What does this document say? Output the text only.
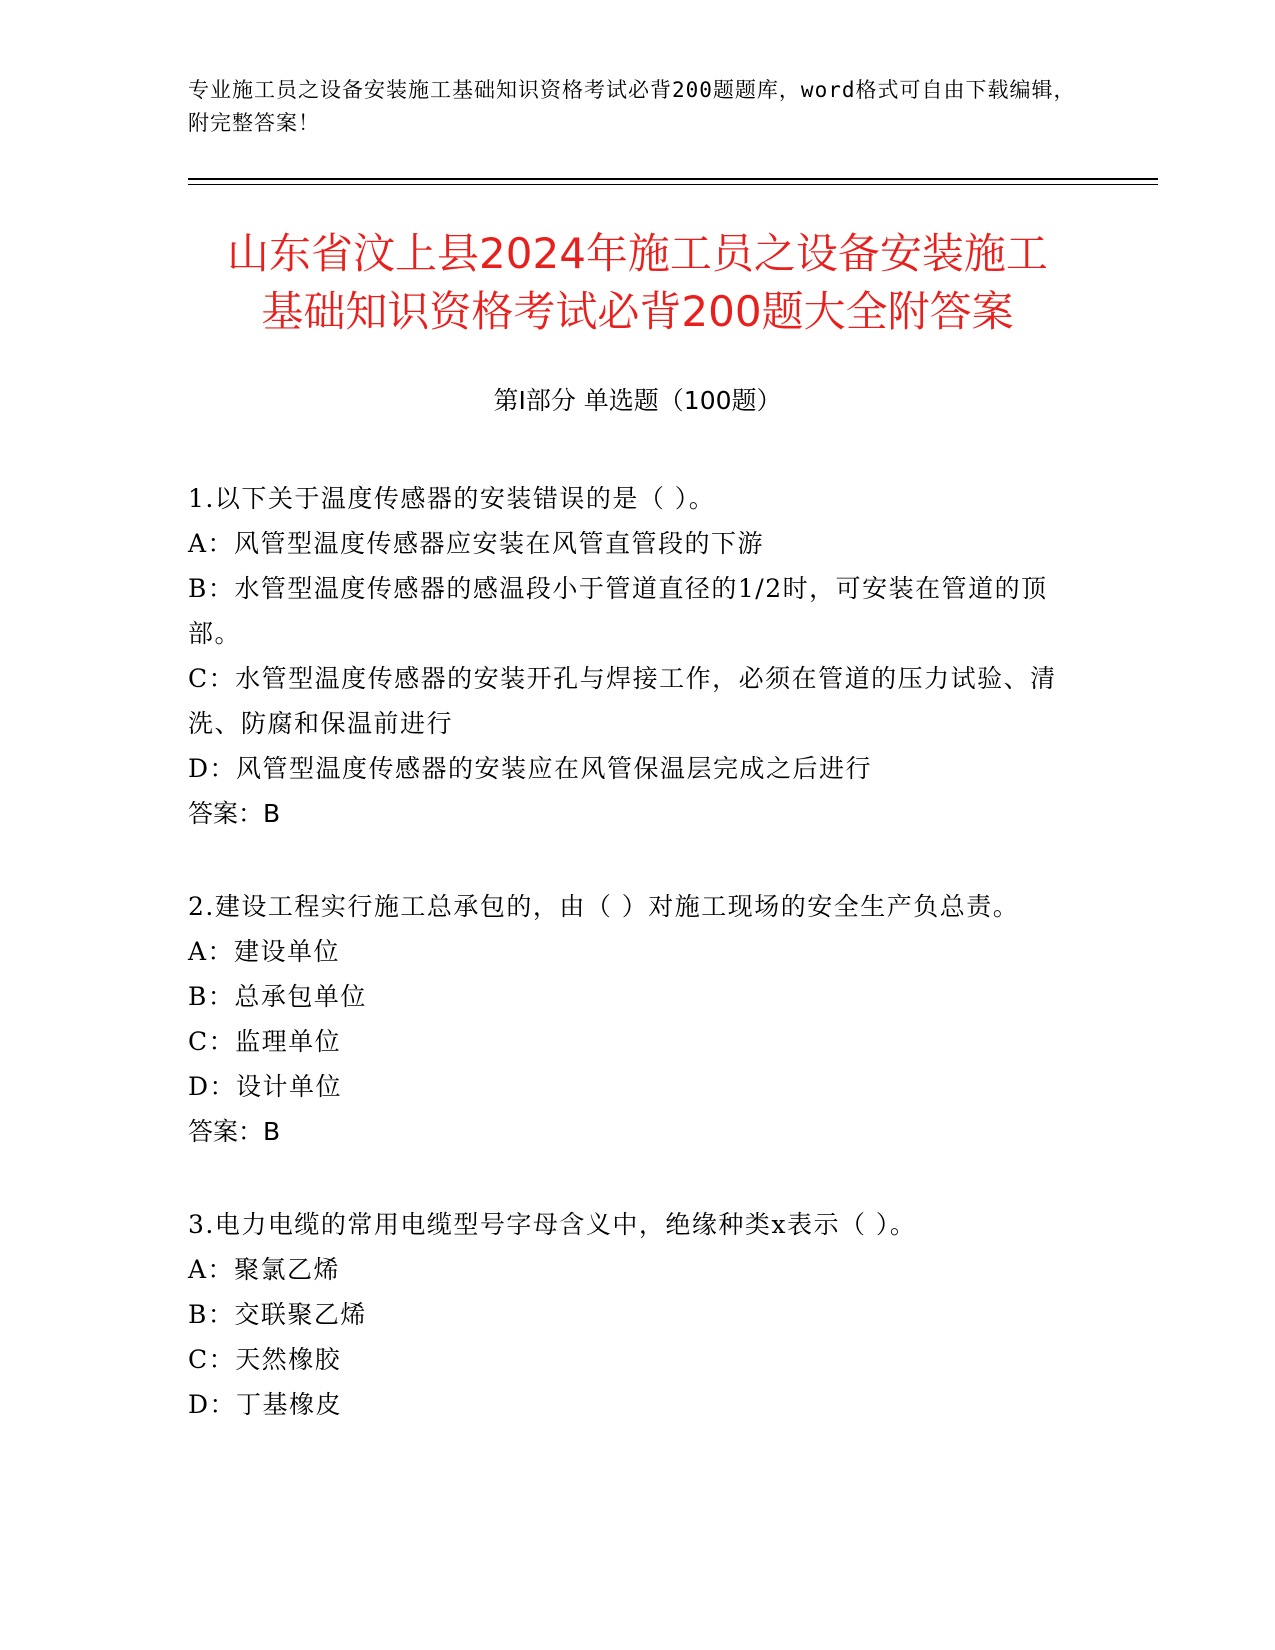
专业施工员之设备安装施工基础知识资格考试必背200题题库，word格式可自由下载编辑，附完整答案！
山东省汶上县2024年施工员之设备安装施工
基础知识资格考试必背200题大全附答案
第Ⅰ部分 单选题（100题）
1.以下关于温度传感器的安装错误的是（ ）。
A：风管型温度传感器应安装在风管直管段的下游
B：水管型温度传感器的感温段小于管道直径的1/2时，可安装在管道的顶部。
C：水管型温度传感器的安装开孔与焊接工作，必须在管道的压力试验、清洗、防腐和保温前进行
D：风管型温度传感器的安装应在风管保温层完成之后进行
答案：B
2.建设工程实行施工总承包的，由（ ）对施工现场的安全生产负总责。
A：建设单位
B：总承包单位
C：监理单位
D：设计单位
答案：B
3.电力电缆的常用电缆型号字母含义中，绝缘种类x表示（ ）。
A：聚氯乙烯
B：交联聚乙烯
C：天然橡胶
D：丁基橡皮
